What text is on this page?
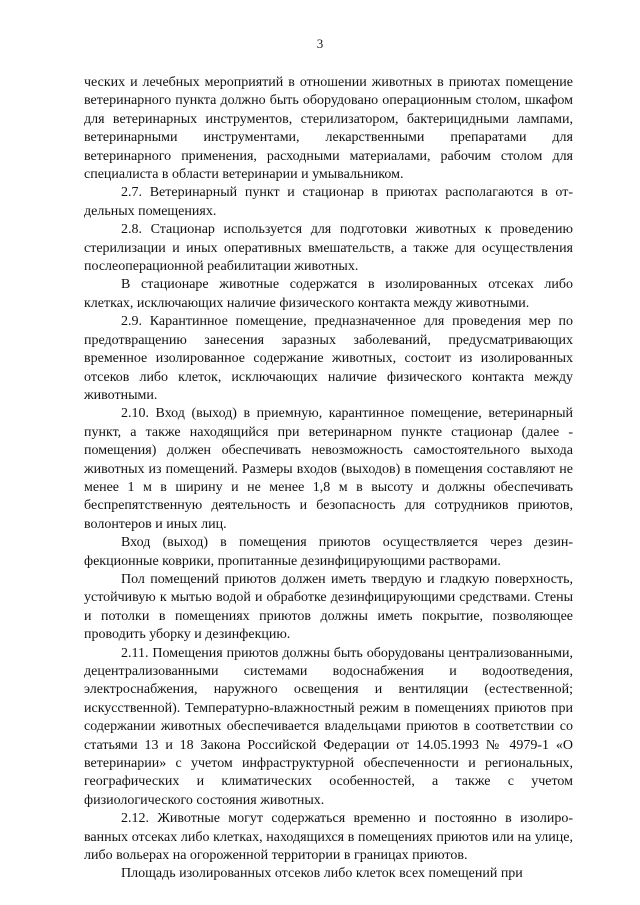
3

ческих и лечебных мероприятий в отношении животных в приютах помещение ветеринарного пункта должно быть оборудовано операционным столом, шкафом для ветеринарных инструментов, стерилизатором, бактерицидными лампами, ветеринарными инструментами, лекарственными препаратами для ветеринарного применения, расходными материалами, рабочим столом для специалиста в области ветеринарии и умывальником.

2.7. Ветеринарный пункт и стационар в приютах располагаются в отдельных помещениях.

2.8. Стационар используется для подготовки животных к проведению стерилизации и иных оперативных вмешательств, а также для осуществления послеоперационной реабилитации животных.

В стационаре животные содержатся в изолированных отсеках либо клетках, исключающих наличие физического контакта между животными.

2.9. Карантинное помещение, предназначенное для проведения мер по предотвращению занесения заразных заболеваний, предусматривающих временное изолированное содержание животных, состоит из изолированных отсеков либо клеток, исключающих наличие физического контакта между животными.

2.10. Вход (выход) в приемную, карантинное помещение, ветеринарный пункт, а также находящийся при ветеринарном пункте стационар (далее - помещения) должен обеспечивать невозможность самостоятельного выхода животных из помещений. Размеры входов (выходов) в помещения составляют не менее 1 м в ширину и не менее 1,8 м в высоту и должны обеспечивать беспрепятственную деятельность и безопасность для сотрудников приютов, волонтеров и иных лиц.

Вход (выход) в помещения приютов осуществляется через дезинфекционные коврики, пропитанные дезинфицирующими растворами.

Пол помещений приютов должен иметь твердую и гладкую поверхность, устойчивую к мытью водой и обработке дезинфицирующими средствами. Стены и потолки в помещениях приютов должны иметь покрытие, позволяющее проводить уборку и дезинфекцию.

2.11. Помещения приютов должны быть оборудованы централизованными, децентрализованными системами водоснабжения и водоотведения, электроснабжения, наружного освещения и вентиляции (естественной; искусственной). Температурно-влажностный режим в помещениях приютов при содержании животных обеспечивается владельцами приютов в соответствии со статьями 13 и 18 Закона Российской Федерации от 14.05.1993 № 4979-1 «О ветеринарии» с учетом инфраструктурной обеспеченности и региональных, географических и климатических особенностей, а также с учетом физиологического состояния животных.

2.12. Животные могут содержаться временно и постоянно в изолированных отсеках либо клетках, находящихся в помещениях приютов или на улице, либо вольерах на огороженной территории в границах приютов.

Площадь изолированных отсеков либо клеток всех помещений при
